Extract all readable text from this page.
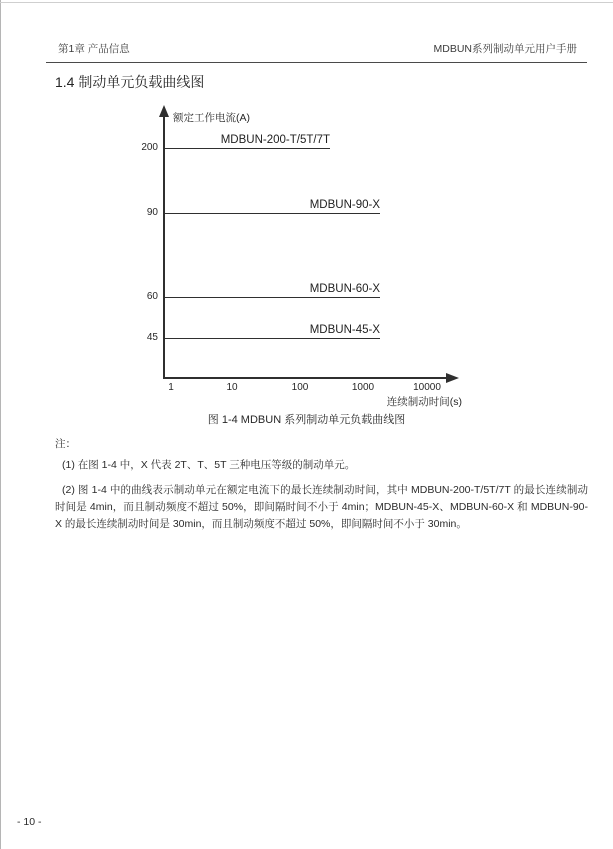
第1章 产品信息	MDBUN系列制动单元用户手册
1.4 制动单元负载曲线图
额定工作电流(A)
连续制动时间(s)
200
90
60
45
1	10	100	1000	10000
MDBUN-200-T/5T/7T
MDBUN-90-X
MDBUN-60-X
MDBUN-45-X
图 1-4 MDBUN 系列制动单元负载曲线图
注：

(1) 在图 1-4 中，X 代表 2T、T、5T 三种电压等级的制动单元。

(2) 图 1-4 中的曲线表示制动单元在额定电流下的最长连续制动时间，其中 MDBUN-200-T/5T/7T 的最长连续制动时间是 4min，而且制动频度不超过 50%，即间隔时间不小于 4min；MDBUN-45-X、MDBUN-60-X 和 MDBUN-90-X 的最长连续制动时间是 30min，而且制动频度不超过 50%，即间隔时间不小于 30min。

- 10 -
